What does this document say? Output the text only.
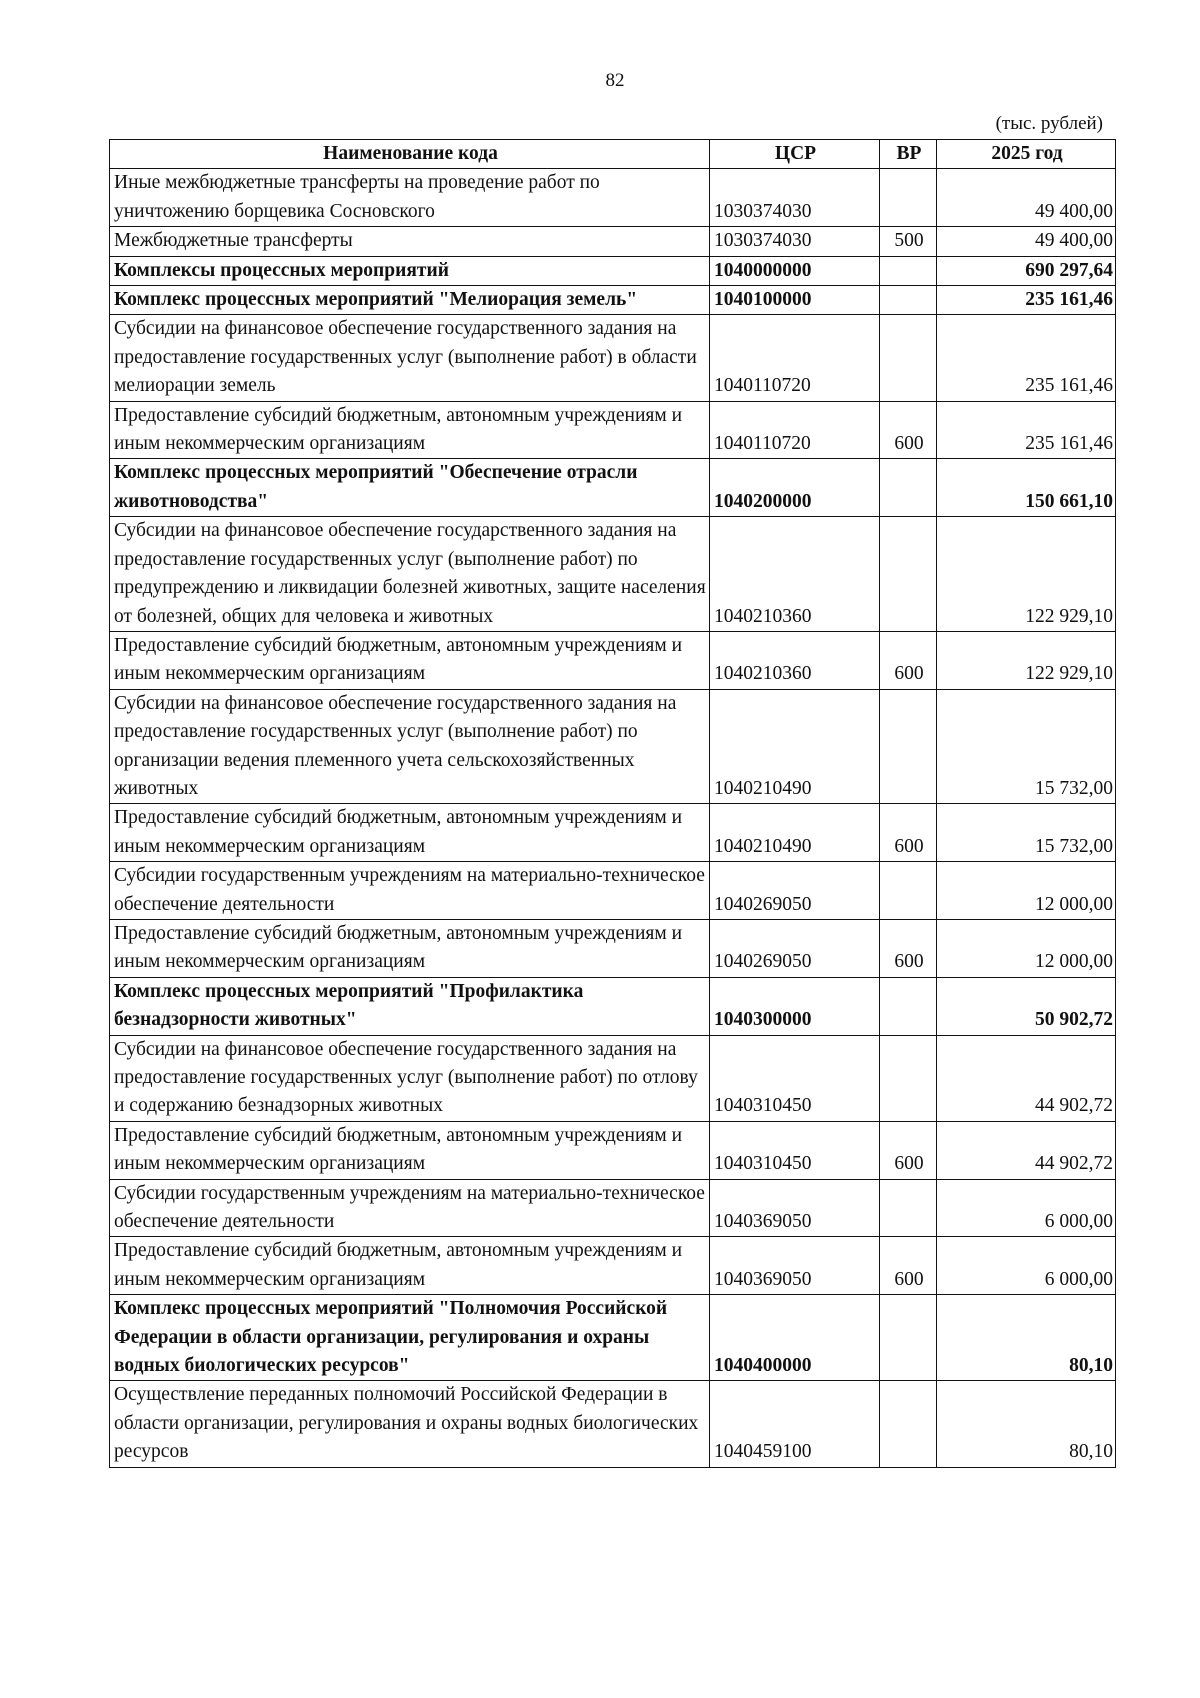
82
(тыс. рублей)
Наименование кода	ЦСР	ВР	2025 год
Иные межбюджетные трансферты на проведение работ по уничтожению борщевика Сосновского	1030374030		49 400,00
Межбюджетные трансферты	1030374030	500	49 400,00
Комплексы процессных мероприятий	1040000000		690 297,64
Комплекс процессных мероприятий "Мелиорация земель"	1040100000		235 161,46
Субсидии на финансовое обеспечение государственного задания на предоставление государственных услуг (выполнение работ) в области мелиорации земель	1040110720		235 161,46
Предоставление субсидий бюджетным, автономным учреждениям и иным некоммерческим организациям	1040110720	600	235 161,46
Комплекс процессных мероприятий "Обеспечение отрасли животноводства"	1040200000		150 661,10
Субсидии на финансовое обеспечение государственного задания на предоставление государственных услуг (выполнение работ) по предупреждению и ликвидации болезней животных, защите населения от болезней, общих для человека и животных	1040210360		122 929,10
Предоставление субсидий бюджетным, автономным учреждениям и иным некоммерческим организациям	1040210360	600	122 929,10
Субсидии на финансовое обеспечение государственного задания на предоставление государственных услуг (выполнение работ) по организации ведения племенного учета сельскохозяйственных животных	1040210490		15 732,00
Предоставление субсидий бюджетным, автономным учреждениям и иным некоммерческим организациям	1040210490	600	15 732,00
Субсидии государственным учреждениям на материально-техническое обеспечение деятельности	1040269050		12 000,00
Предоставление субсидий бюджетным, автономным учреждениям и иным некоммерческим организациям	1040269050	600	12 000,00
Комплекс процессных мероприятий "Профилактика безнадзорности животных"	1040300000		50 902,72
Субсидии на финансовое обеспечение государственного задания на предоставление государственных услуг (выполнение работ) по отлову и содержанию безнадзорных животных	1040310450		44 902,72
Предоставление субсидий бюджетным, автономным учреждениям и иным некоммерческим организациям	1040310450	600	44 902,72
Субсидии государственным учреждениям на материально-техническое обеспечение деятельности	1040369050		6 000,00
Предоставление субсидий бюджетным, автономным учреждениям и иным некоммерческим организациям	1040369050	600	6 000,00
Комплекс процессных мероприятий "Полномочия Российской Федерации в области организации, регулирования и охраны водных биологических ресурсов"	1040400000		80,10
Осуществление переданных полномочий Российской Федерации в области организации, регулирования и охраны водных биологических ресурсов	1040459100		80,10
